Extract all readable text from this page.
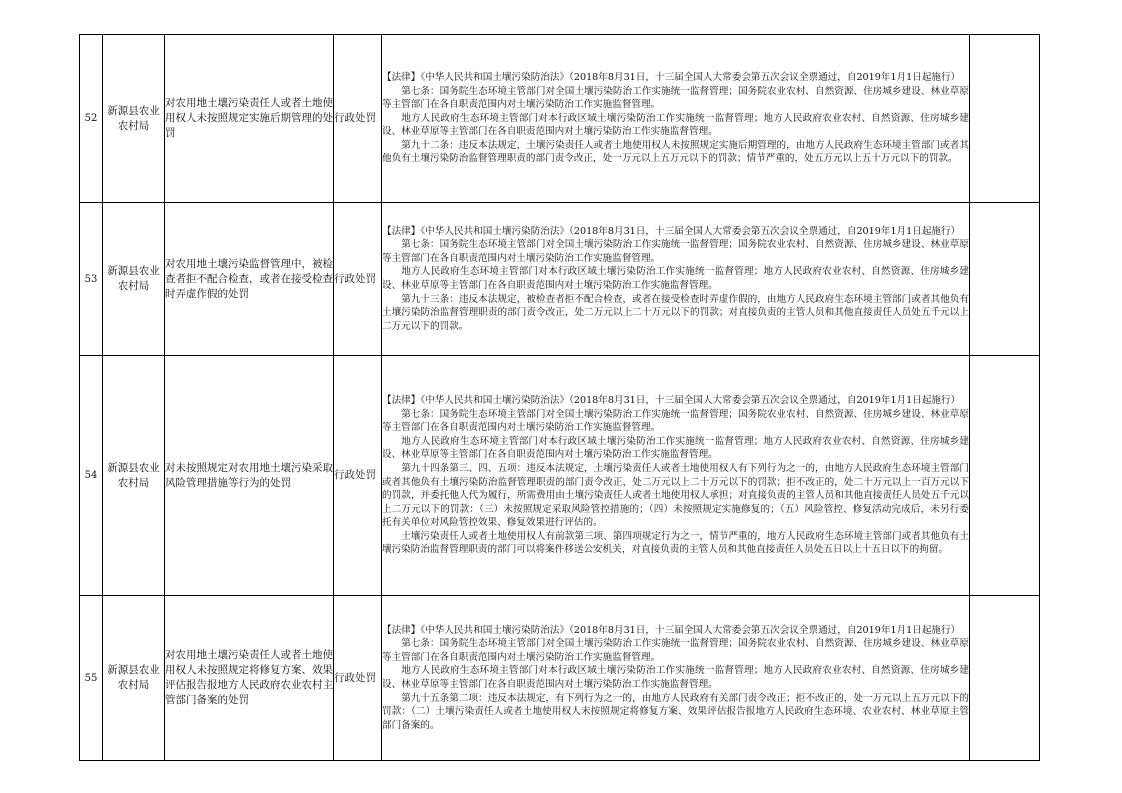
52	新源县农业农村局	对农用地土壤污染责任人或者土地使用权人未按照规定实施后期管理的处罚	行政处罚	【法律】《中华人民共和国土壤污染防治法》（2018年8月31日，十三届全国人大常委会第五次会议全票通过，自2019年1月1日起施行）

第七条：国务院生态环境主管部门对全国土壤污染防治工作实施统一监督管理；国务院农业农村、自然资源、住房城乡建设、林业草原等主管部门在各自职责范围内对土壤污染防治工作实施监督管理。

地方人民政府生态环境主管部门对本行政区域土壤污染防治工作实施统一监督管理；地方人民政府农业农村、自然资源、住房城乡建设、林业草原等主管部门在各自职责范围内对土壤污染防治工作实施监督管理。

第九十二条：违反本法规定，土壤污染责任人或者土地使用权人未按照规定实施后期管理的，由地方人民政府生态环境主管部门或者其他负有土壤污染防治监督管理职责的部门责令改正，处一万元以上五万元以下的罚款；情节严重的，处五万元以上五十万元以下的罚款。	

53	新源县农业农村局	对农用地土壤污染监督管理中，被检查者拒不配合检查，或者在接受检查时弄虚作假的处罚	行政处罚	【法律】《中华人民共和国土壤污染防治法》（2018年8月31日，十三届全国人大常委会第五次会议全票通过，自2019年1月1日起施行）

第七条：国务院生态环境主管部门对全国土壤污染防治工作实施统一监督管理；国务院农业农村、自然资源、住房城乡建设、林业草原等主管部门在各自职责范围内对土壤污染防治工作实施监督管理。

地方人民政府生态环境主管部门对本行政区域土壤污染防治工作实施统一监督管理；地方人民政府农业农村、自然资源、住房城乡建设、林业草原等主管部门在各自职责范围内对土壤污染防治工作实施监督管理。

第九十三条：违反本法规定，被检查者拒不配合检查，或者在接受检查时弄虚作假的，由地方人民政府生态环境主管部门或者其他负有土壤污染防治监督管理职责的部门责令改正，处二万元以上二十万元以下的罚款；对直接负责的主管人员和其他直接责任人员处五千元以上二万元以下的罚款。	

54	新源县农业农村局	对未按照规定对农用地土壤污染采取风险管理措施等行为的处罚	行政处罚	【法律】《中华人民共和国土壤污染防治法》（2018年8月31日，十三届全国人大常委会第五次会议全票通过，自2019年1月1日起施行）

第七条：国务院生态环境主管部门对全国土壤污染防治工作实施统一监督管理；国务院农业农村、自然资源、住房城乡建设、林业草原等主管部门在各自职责范围内对土壤污染防治工作实施监督管理。

地方人民政府生态环境主管部门对本行政区域土壤污染防治工作实施统一监督管理；地方人民政府农业农村、自然资源、住房城乡建设、林业草原等主管部门在各自职责范围内对土壤污染防治工作实施监督管理。

第九十四条第三、四、五项：违反本法规定，土壤污染责任人或者土地使用权人有下列行为之一的，由地方人民政府生态环境主管部门或者其他负有土壤污染防治监督管理职责的部门责令改正，处二万元以上二十万元以下的罚款；拒不改正的，处二十万元以上一百万元以下的罚款，并委托他人代为履行，所需费用由土壤污染责任人或者土地使用权人承担；对直接负责的主管人员和其他直接责任人员处五千元以上二万元以下的罚款：（三）未按照规定采取风险管控措施的；（四）未按照规定实施修复的；（五）风险管控、修复活动完成后，未另行委托有关单位对风险管控效果、修复效果进行评估的。

土壤污染责任人或者土地使用权人有前款第三项、第四项规定行为之一，情节严重的，地方人民政府生态环境主管部门或者其他负有土壤污染防治监督管理职责的部门可以将案件移送公安机关，对直接负责的主管人员和其他直接责任人员处五日以上十五日以下的拘留。	

55	新源县农业农村局	对农用地土壤污染责任人或者土地使用权人未按照规定将修复方案、效果评估报告报地方人民政府农业农村主管部门备案的处罚	行政处罚	【法律】《中华人民共和国土壤污染防治法》（2018年8月31日，十三届全国人大常委会第五次会议全票通过，自2019年1月1日起施行）

第七条：国务院生态环境主管部门对全国土壤污染防治工作实施统一监督管理；国务院农业农村、自然资源、住房城乡建设、林业草原等主管部门在各自职责范围内对土壤污染防治工作实施监督管理。

地方人民政府生态环境主管部门对本行政区域土壤污染防治工作实施统一监督管理；地方人民政府农业农村、自然资源、住房城乡建设、林业草原等主管部门在各自职责范围内对土壤污染防治工作实施监督管理。

第九十五条第二项：违反本法规定，有下列行为之一的，由地方人民政府有关部门责令改正；拒不改正的，处一万元以上五万元以下的罚款：（二）土壤污染责任人或者土地使用权人未按照规定将修复方案、效果评估报告报地方人民政府生态环境、农业农村、林业草原主管部门备案的。	
